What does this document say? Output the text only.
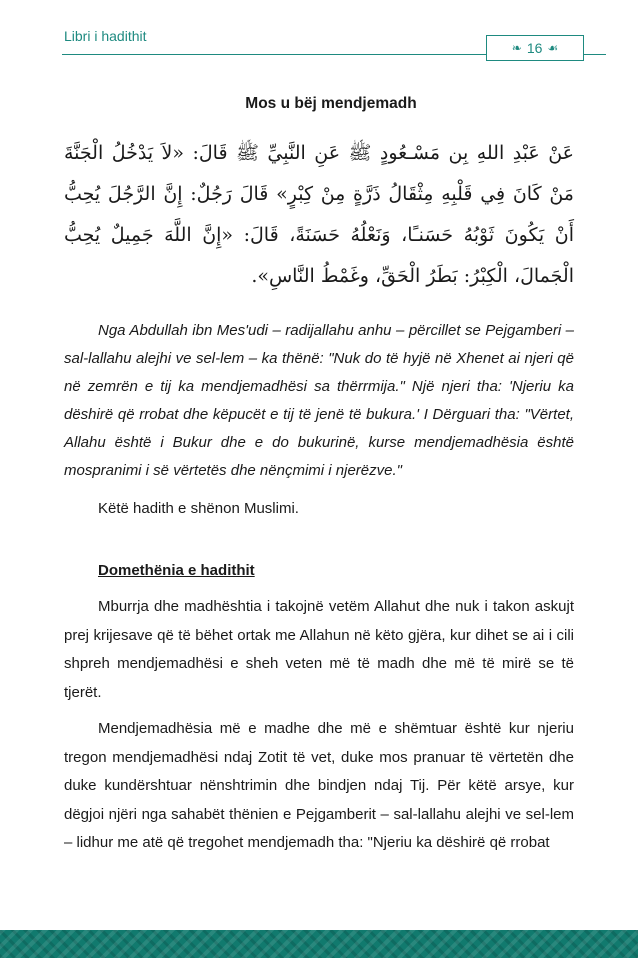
Libri i hadithit
❧ 16 ☙
Mos u bëj mendjemadh
عَنْ عَبْدِ اللهِ بِن مَسْـعُودٍ ﷺ عَنِ النَّبِيِّ ﷺ قَالَ: «لاَ يَدْخُلُ الْجَنَّةَ مَنْ كَانَ فِي قَلْبِهِ مِثْقَالُ ذَرَّةٍ مِنْ كِبْرٍ» قَالَ رَجُلٌ: إِنَّ الرَّجُلَ يُحِبُّ أَنْ يَكُونَ ثَوْبُهُ حَسَنـًا، وَنَعْلُهُ حَسَنَةً، قَالَ: «إِنَّ اللَّهَ جَمِيلٌ يُحِبُّ الْجَمالَ، الْكِبْرُ: بَطَرُ الْحَقِّ، وغَمْطُ النَّاسِ».
Nga Abdullah ibn Mes'udi – radijallahu anhu – përcillet se Pejgamberi – sal-lallahu alejhi ve sel-lem – ka thënë: "Nuk do të hyjë në Xhenet ai njeri që në zemrën e tij ka mendjemadhësi sa thërrmija." Një njeri tha: 'Njeriu ka dëshirë që rrobat dhe këpucët e tij të jenë të bukura.' I Dërguari tha: "Vërtet, Allahu është i Bukur dhe e do bukurinë, kurse mendjemadhësia është mospranimi i së vërtetës dhe nënçmimi i njerëzve."
Këtë hadith e shënon Muslimi.
Domethënia e hadithit
Mburrja dhe madhështia i takojnë vetëm Allahut dhe nuk i takon askujt prej krijesave që të bëhet ortak me Allahun në këto gjëra, kur dihet se ai i cili shpreh mendjemadhësi e sheh veten më të madh dhe më të mirë se të tjerët.
Mendjemadhësia më e madhe dhe më e shëmtuar është kur njeriu tregon mendjemadhësi ndaj Zotit të vet, duke mos pranuar të vërtetën dhe duke kundërshtuar nënshtrimin dhe bindjen ndaj Tij. Për këtë arsye, kur dëgjoi njëri nga sahabët thënien e Pejgamberit – sal-lallahu alejhi ve sel-lem – lidhur me atë që tregohet mendjemadh tha: "Njeriu ka dëshirë që rrobat
